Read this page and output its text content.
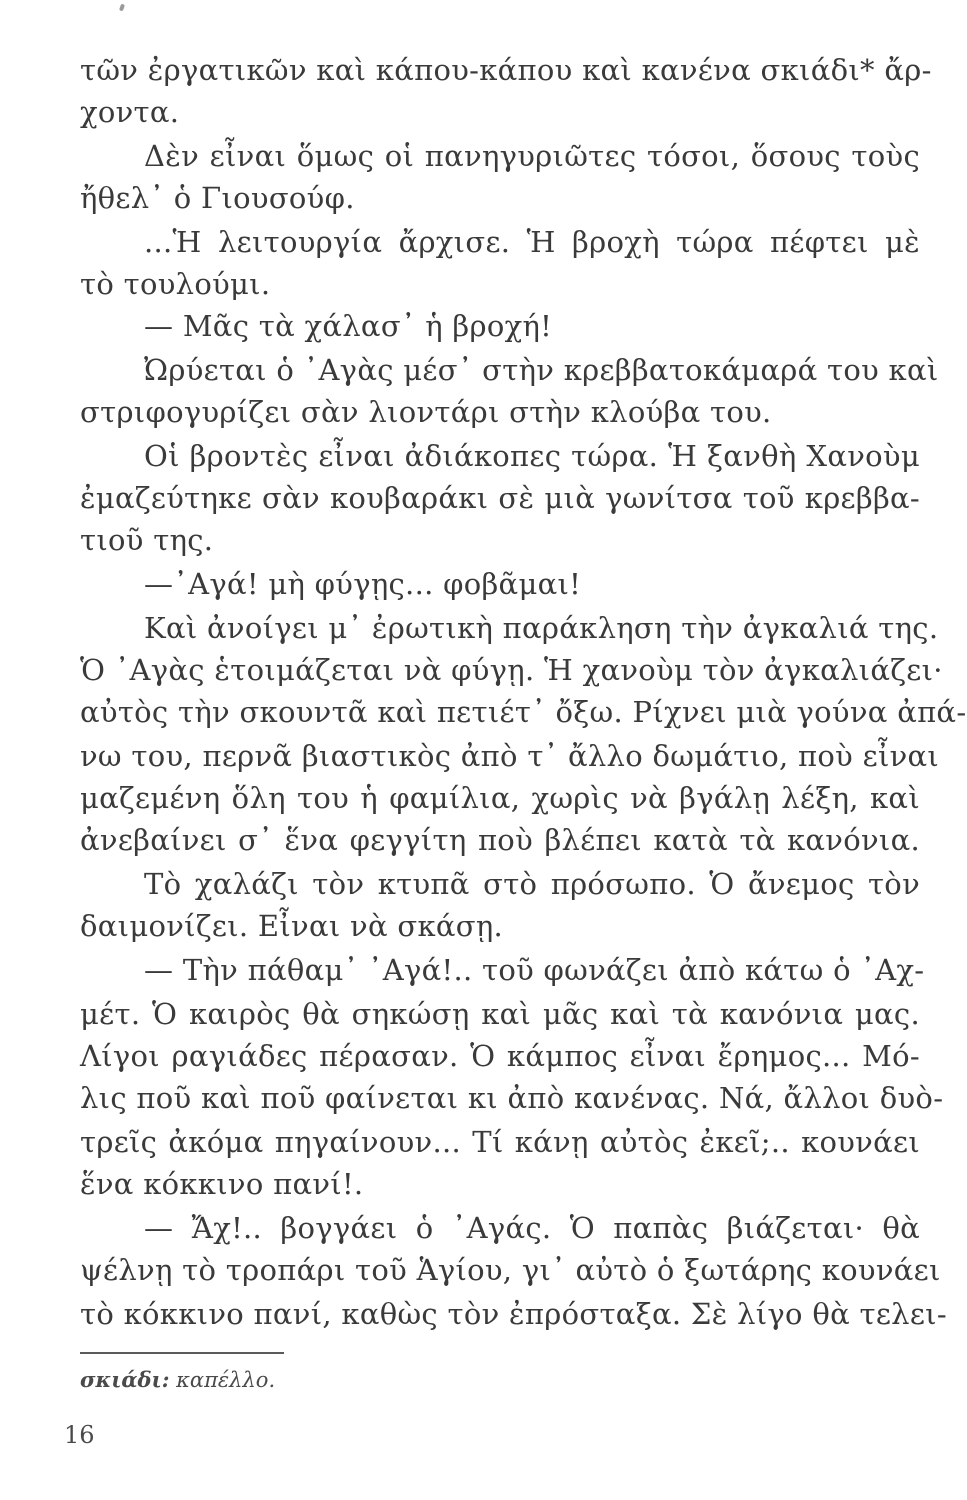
τῶν ἐργατικῶν καὶ κάπου-κάπου καὶ κανένα σκιάδι* ἄρ-
χοντα.
Δὲν εἶναι ὅμως οἱ πανηγυριῶτες τόσοι, ὅσους τοὺς
ἤθελ᾽ ὁ Γιουσούφ.
...Ἡ λειτουργία ἄρχισε. Ἡ βροχὴ τώρα πέφτει μὲ
τὸ τουλούμι.
— Μᾶς τὰ χάλασ᾽ ἡ βροχή!
Ὠρύεται ὁ ᾽Αγὰς μέσ᾽ στὴν κρεββατοκάμαρά του καὶ
στριφογυρίζει σὰν λιοντάρι στὴν κλούβα του.
Οἱ βροντὲς εἶναι ἀδιάκοπες τώρα. Ἡ ξανθὴ Χανοὺμ
ἐμαζεύτηκε σὰν κουβαράκι σὲ μιὰ γωνίτσα τοῦ κρεββα-
τιοῦ της.
—᾽Αγά! μὴ φύγῃς... φοβᾶμαι!
Καὶ ἀνοίγει μ᾽ ἐρωτικὴ παράκληση τὴν ἀγκαλιά της.
Ὁ ᾽Αγὰς ἑτοιμάζεται νὰ φύγῃ. Ἡ χανοὺμ τὸν ἀγκαλιάζει·
αὐτὸς τὴν σκουντᾶ καὶ πετιέτ᾽ ὄξω. Ρίχνει μιὰ γούνα ἀπά-
νω του, περνᾶ βιαστικὸς ἀπὸ τ᾽ ἄλλο δωμάτιο, ποὺ εἶναι
μαζεμένη ὅλη του ἡ φαμίλια, χωρὶς νὰ βγάλῃ λέξη, καὶ
ἀνεβαίνει σ᾽ ἕνα φεγγίτη ποὺ βλέπει κατὰ τὰ κανόνια.
Τὸ χαλάζι τὸν κτυπᾶ στὸ πρόσωπο. Ὁ ἄνεμος τὸν
δαιμονίζει. Εἶναι νὰ σκάσῃ.
— Τὴν πάθαμ᾽ ᾽Αγά!.. τοῦ φωνάζει ἀπὸ κάτω ὁ ᾽Αχ-
μέτ. Ὁ καιρὸς θὰ σηκώσῃ καὶ μᾶς καὶ τὰ κανόνια μας.
Λίγοι ραγιάδες πέρασαν. Ὁ κάμπος εἶναι ἔρημος... Μό-
λις ποῦ καὶ ποῦ φαίνεται κι ἀπὸ κανένας. Νά, ἄλλοι δυὸ-
τρεῖς ἀκόμα πηγαίνουν... Τί κάνῃ αὐτὸς ἐκεῖ;.. κουνάει
ἕνα κόκκινο πανί!.
— Ἄχ!.. βογγάει ὁ ᾽Αγάς. Ὁ παπὰς βιάζεται· θὰ
ψέλνῃ τὸ τροπάρι τοῦ Ἁγίου, γι᾽ αὐτὸ ὁ ξωτάρης κουνάει
τὸ κόκκινο πανί, καθὼς τὸν ἐπρόσταξα. Σὲ λίγο θὰ τελει-
σκιάδι: καπέλλο.
16
